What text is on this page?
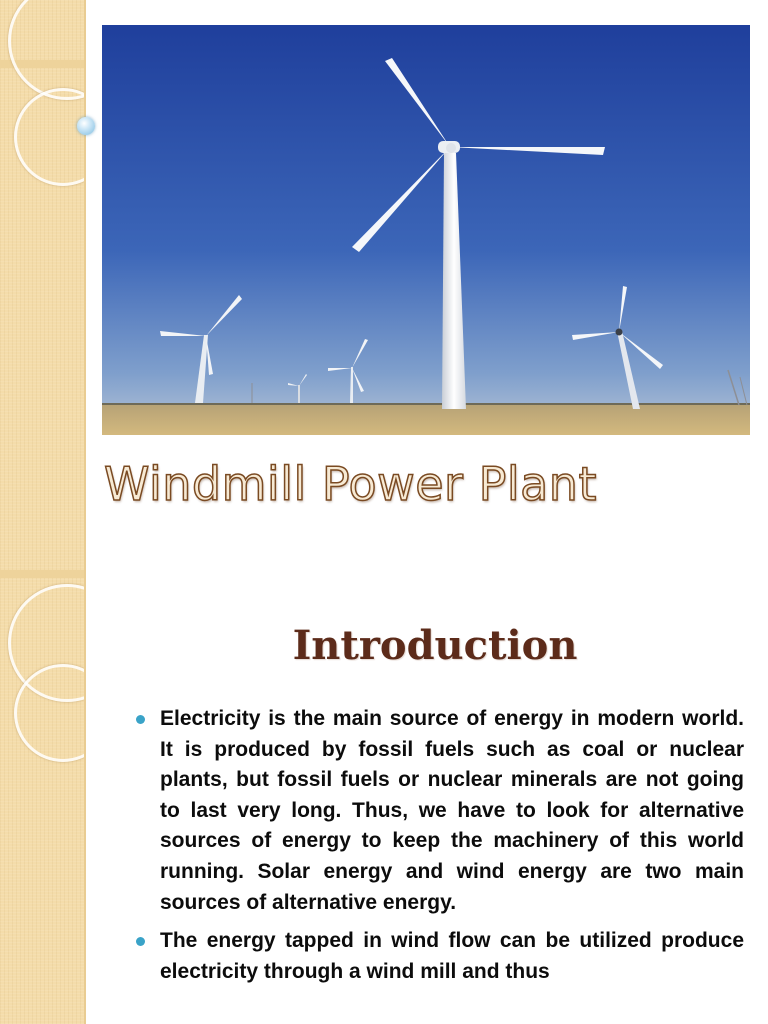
Windmill Power Plant
Introduction
Electricity is the main source of energy in modern world. It is produced by fossil fuels such as coal or nuclear plants, but fossil fuels or nuclear minerals are not going to last very long. Thus, we have to look for alternative sources of energy to keep the machinery of this world running. Solar energy and wind energy are two main sources of alternative energy.
The energy tapped in wind flow can be utilized produce electricity through a wind mill and thus
